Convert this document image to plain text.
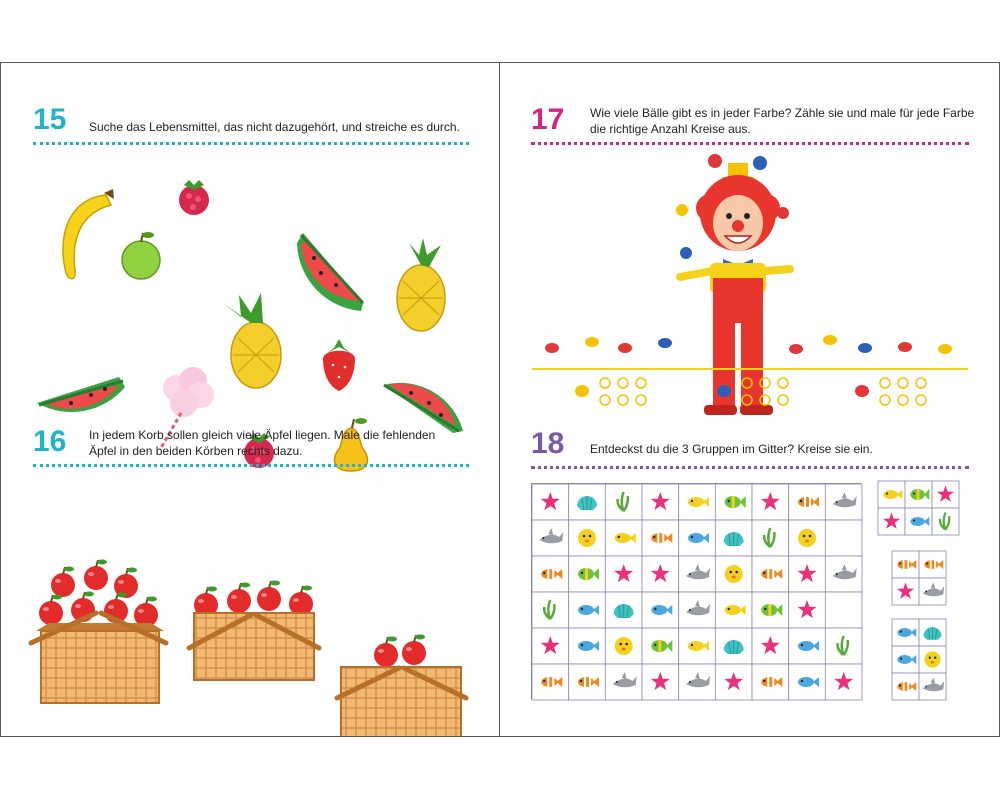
15 Suche das Lebensmittel, das nicht dazugehört, und streiche es durch.
16 In jedem Korb sollen gleich viele Äpfel liegen. Male die fehlenden
Äpfel in den beiden Körben rechts dazu.
17 Wie viele Bälle gibt es in jeder Farbe? Zähle sie und male für jede Farbe
die richtige Anzahl Kreise aus.
18 Entdeckst du die 3 Gruppen im Gitter? Kreise sie ein.
